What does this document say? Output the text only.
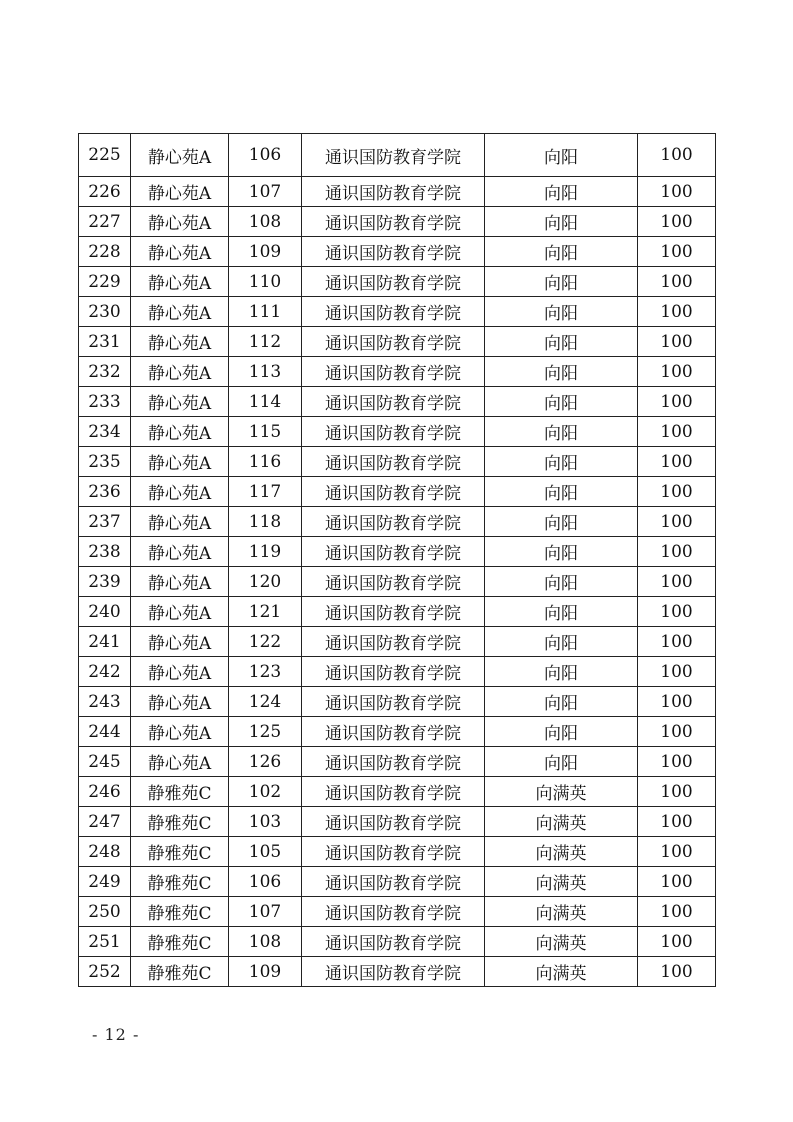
225	静心苑A	106	通识国防教育学院	向阳	100
226	静心苑A	107	通识国防教育学院	向阳	100
227	静心苑A	108	通识国防教育学院	向阳	100
228	静心苑A	109	通识国防教育学院	向阳	100
229	静心苑A	110	通识国防教育学院	向阳	100
230	静心苑A	111	通识国防教育学院	向阳	100
231	静心苑A	112	通识国防教育学院	向阳	100
232	静心苑A	113	通识国防教育学院	向阳	100
233	静心苑A	114	通识国防教育学院	向阳	100
234	静心苑A	115	通识国防教育学院	向阳	100
235	静心苑A	116	通识国防教育学院	向阳	100
236	静心苑A	117	通识国防教育学院	向阳	100
237	静心苑A	118	通识国防教育学院	向阳	100
238	静心苑A	119	通识国防教育学院	向阳	100
239	静心苑A	120	通识国防教育学院	向阳	100
240	静心苑A	121	通识国防教育学院	向阳	100
241	静心苑A	122	通识国防教育学院	向阳	100
242	静心苑A	123	通识国防教育学院	向阳	100
243	静心苑A	124	通识国防教育学院	向阳	100
244	静心苑A	125	通识国防教育学院	向阳	100
245	静心苑A	126	通识国防教育学院	向阳	100
246	静雅苑C	102	通识国防教育学院	向满英	100
247	静雅苑C	103	通识国防教育学院	向满英	100
248	静雅苑C	105	通识国防教育学院	向满英	100
249	静雅苑C	106	通识国防教育学院	向满英	100
250	静雅苑C	107	通识国防教育学院	向满英	100
251	静雅苑C	108	通识国防教育学院	向满英	100
252	静雅苑C	109	通识国防教育学院	向满英	100
- 12 -
